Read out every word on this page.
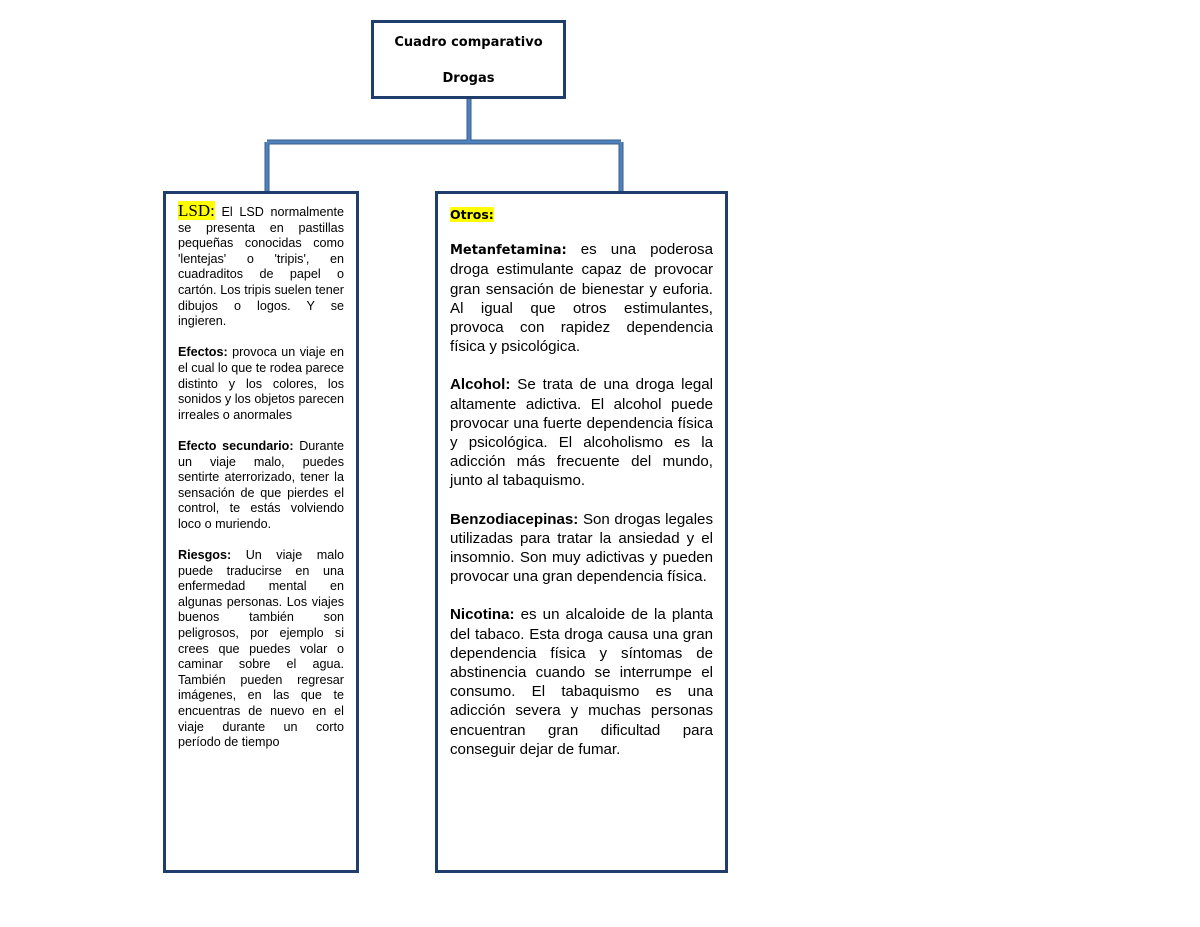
Cuadro comparativo
Drogas

LSD: El LSD normalmente se presenta en pastillas pequeñas conocidas como 'lentejas' o 'tripis', en cuadraditos de papel o cartón. Los tripis suelen tener dibujos o logos. Y se ingieren.

Efectos: provoca un viaje en el cual lo que te rodea parece distinto y los colores, los sonidos y los objetos parecen irreales o anormales

Efecto secundario: Durante un viaje malo, puedes sentirte aterrorizado, tener la sensación de que pierdes el control, te estás volviendo loco o muriendo.

Riesgos: Un viaje malo puede traducirse en una enfermedad mental en algunas personas. Los viajes buenos también son peligrosos, por ejemplo si crees que puedes volar o caminar sobre el agua. También pueden regresar imágenes, en las que te encuentras de nuevo en el viaje durante un corto período de tiempo

Otros:

Metanfetamina: es una poderosa droga estimulante capaz de provocar gran sensación de bienestar y euforia. Al igual que otros estimulantes, provoca con rapidez dependencia física y psicológica.

Alcohol: Se trata de una droga legal altamente adictiva. El alcohol puede provocar una fuerte dependencia física y psicológica. El alcoholismo es la adicción más frecuente del mundo, junto al tabaquismo.

Benzodiacepinas: Son drogas legales utilizadas para tratar la ansiedad y el insomnio. Son muy adictivas y pueden provocar una gran dependencia física.

Nicotina: es un alcaloide de la planta del tabaco. Esta droga causa una gran dependencia física y síntomas de abstinencia cuando se interrumpe el consumo. El tabaquismo es una adicción severa y muchas personas encuentran gran dificultad para conseguir dejar de fumar.
